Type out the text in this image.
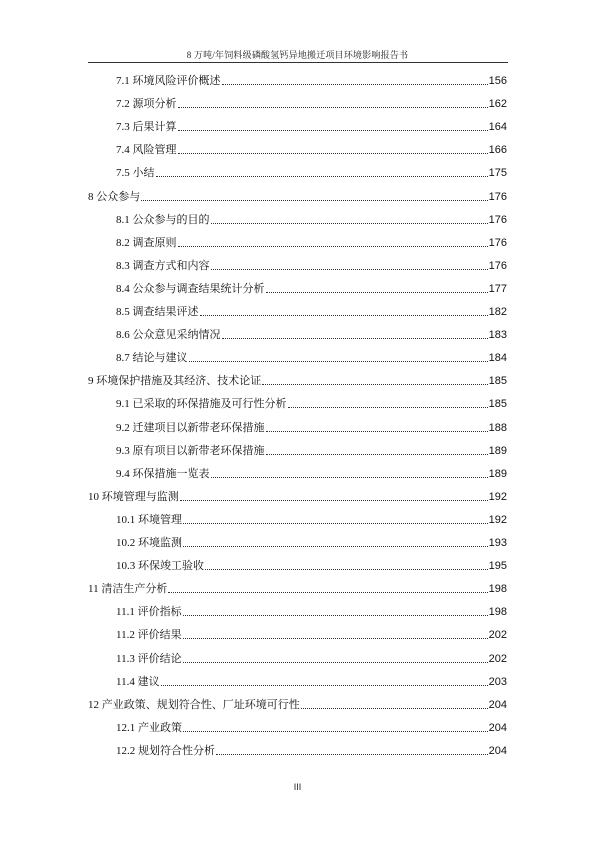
8 万吨/年饲料级磷酸氢钙异地搬迁项目环境影响报告书
7.1 环境风险评价概述	156
7.2 源项分析	162
7.3 后果计算	164
7.4 风险管理	166
7.5 小结	175
8 公众参与	176
8.1 公众参与的目的	176
8.2 调查原则	176
8.3 调查方式和内容	176
8.4 公众参与调查结果统计分析	177
8.5 调查结果评述	182
8.6 公众意见采纳情况	183
8.7 结论与建议	184
9 环境保护措施及其经济、技术论证	185
9.1 已采取的环保措施及可行性分析	185
9.2 迁建项目以新带老环保措施	188
9.3 原有项目以新带老环保措施	189
9.4 环保措施一览表	189
10 环境管理与监测	192
10.1 环境管理	192
10.2 环境监测	193
10.3 环保竣工验收	195
11 清洁生产分析	198
11.1 评价指标	198
11.2 评价结果	202
11.3 评价结论	202
11.4 建议	203
12 产业政策、规划符合性、厂址环境可行性	204
12.1 产业政策	204
12.2 规划符合性分析	204
III
